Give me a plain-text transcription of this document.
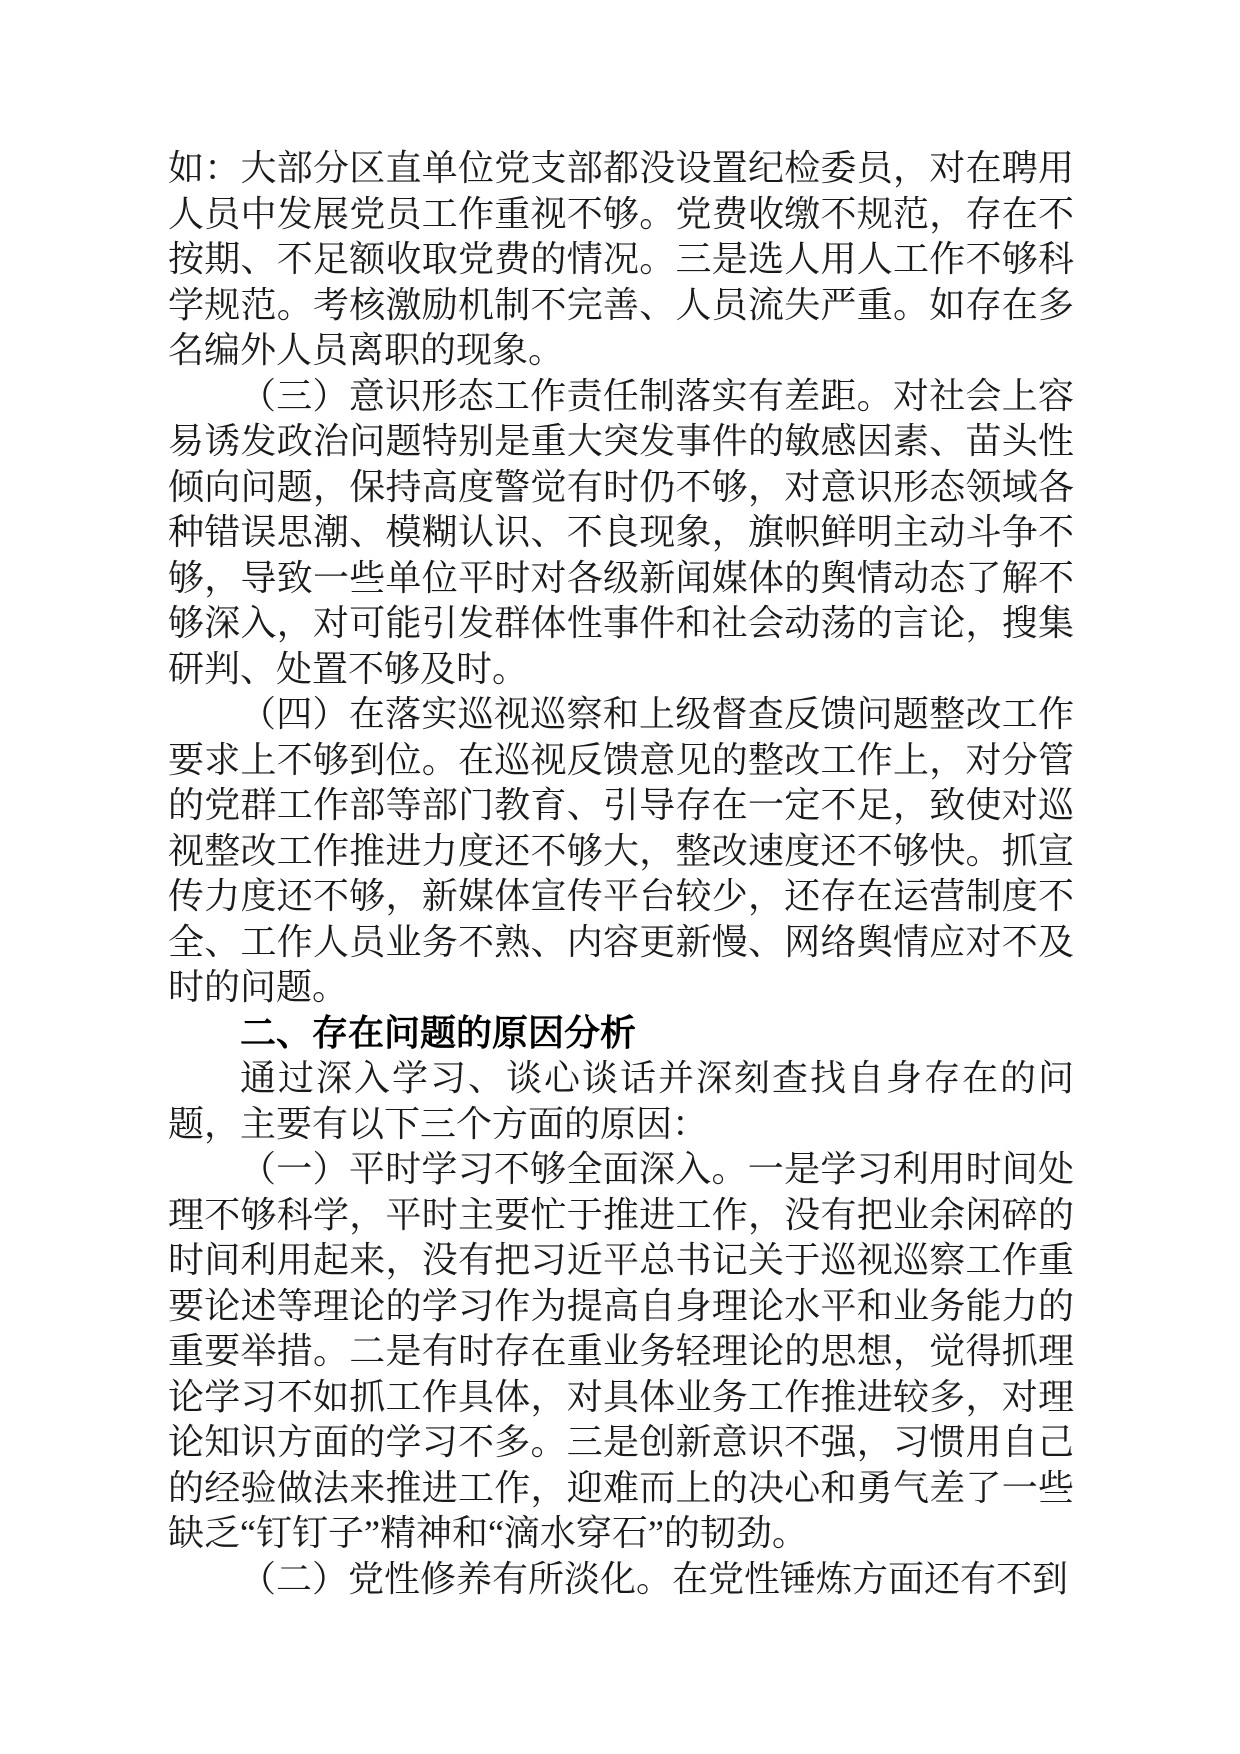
如：大部分区直单位党支部都没设置纪检委员，对在聘用人员中发展党员工作重视不够。党费收缴不规范，存在不按期、不足额收取党费的情况。三是选人用人工作不够科学规范。考核激励机制不完善、人员流失严重。如存在多名编外人员离职的现象。

（三）意识形态工作责任制落实有差距。对社会上容易诱发政治问题特别是重大突发事件的敏感因素、苗头性倾向问题，保持高度警觉有时仍不够，对意识形态领域各种错误思潮、模糊认识、不良现象，旗帜鲜明主动斗争不够，导致一些单位平时对各级新闻媒体的舆情动态了解不够深入，对可能引发群体性事件和社会动荡的言论，搜集研判、处置不够及时。

（四）在落实巡视巡察和上级督查反馈问题整改工作要求上不够到位。在巡视反馈意见的整改工作上，对分管的党群工作部等部门教育、引导存在一定不足，致使对巡视整改工作推进力度还不够大，整改速度还不够快。抓宣传力度还不够，新媒体宣传平台较少，还存在运营制度不全、工作人员业务不熟、内容更新慢、网络舆情应对不及时的问题。

二、存在问题的原因分析

通过深入学习、谈心谈话并深刻查找自身存在的问题，主要有以下三个方面的原因：

（一）平时学习不够全面深入。一是学习利用时间处理不够科学，平时主要忙于推进工作，没有把业余闲碎的时间利用起来，没有把习近平总书记关于巡视巡察工作重要论述等理论的学习作为提高自身理论水平和业务能力的重要举措。二是有时存在重业务轻理论的思想，觉得抓理论学习不如抓工作具体，对具体业务工作推进较多，对理论知识方面的学习不多。三是创新意识不强，习惯用自己的经验做法来推进工作，迎难而上的决心和勇气差了一些缺乏“钉钉子”精神和“滴水穿石”的韧劲。

（二）党性修养有所淡化。在党性锤炼方面还有不到
